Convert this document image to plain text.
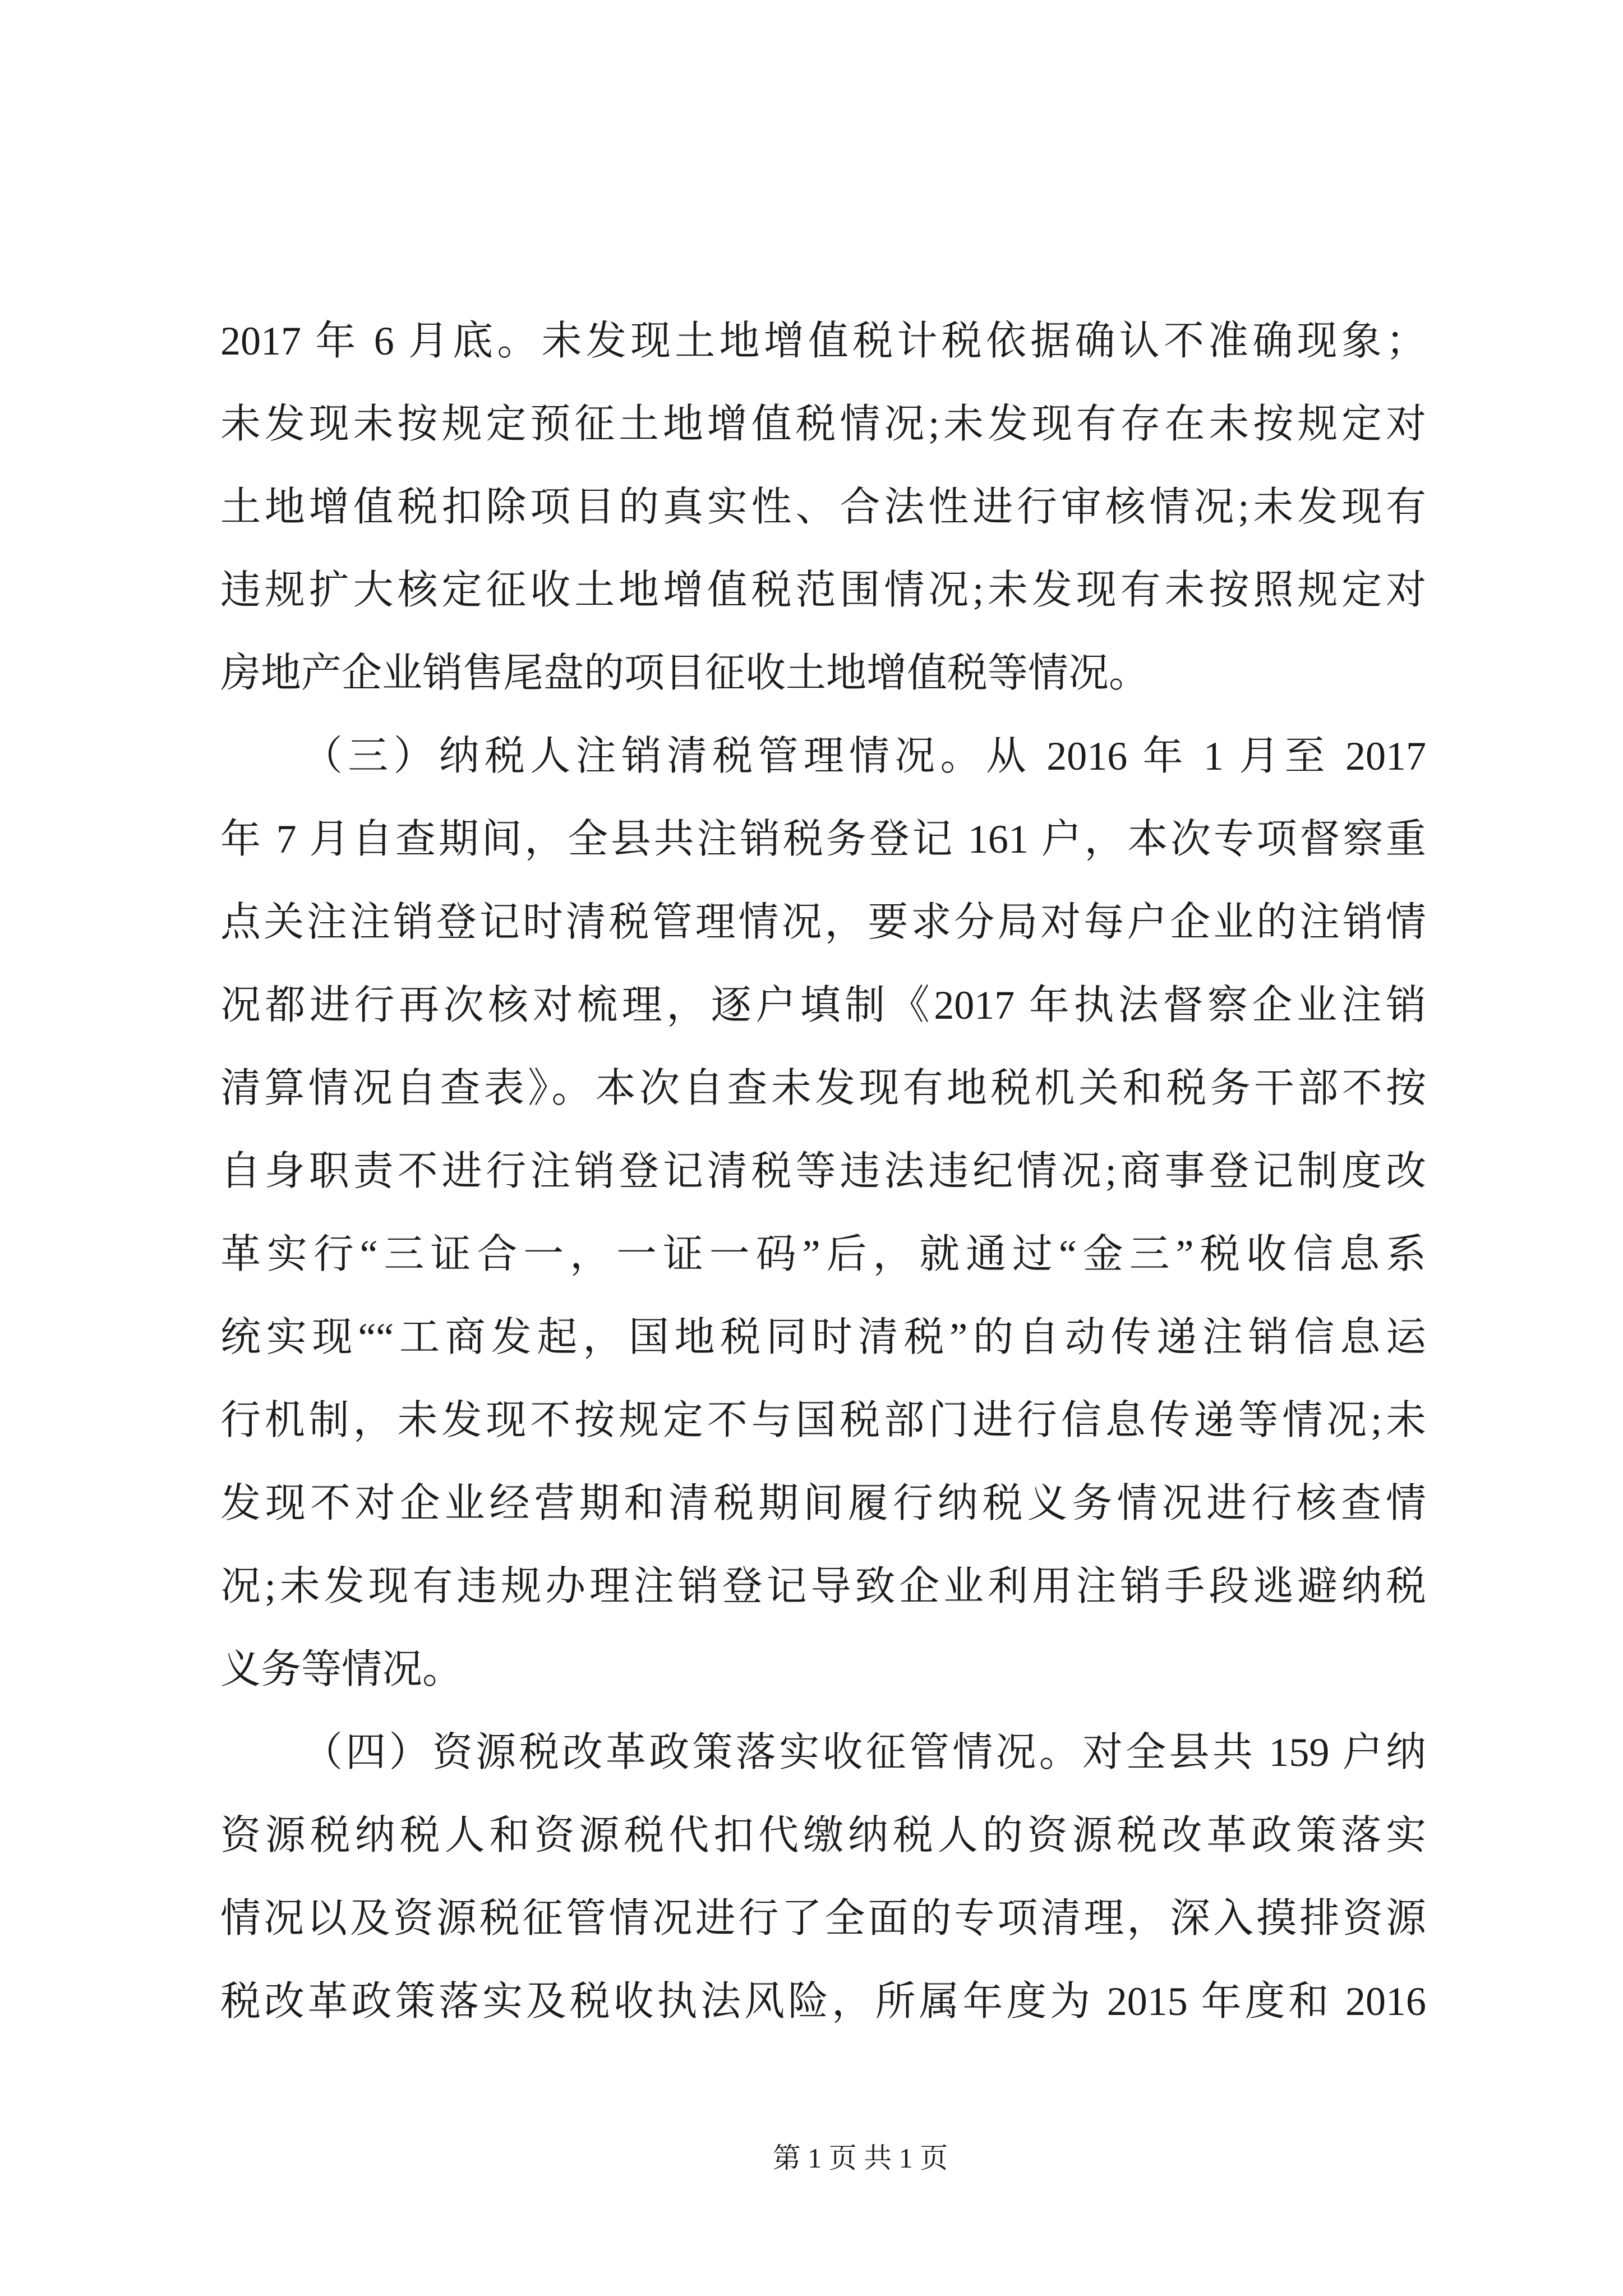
2017 年 6 月底。未发现土地增值税计税依据确认不准确现象；
未发现未按规定预征土地增值税情况;未发现有存在未按规定对
土地增值税扣除项目的真实性、合法性进行审核情况;未发现有
违规扩大核定征收土地增值税范围情况;未发现有未按照规定对
房地产企业销售尾盘的项目征收土地增值税等情况。
（三）纳税人注销清税管理情况。从 2016 年 1 月至 2017
年 7 月自查期间，全县共注销税务登记 161 户，本次专项督察重
点关注注销登记时清税管理情况，要求分局对每户企业的注销情
况都进行再次核对梳理，逐户填制《2017 年执法督察企业注销
清算情况自查表》。本次自查未发现有地税机关和税务干部不按
自身职责不进行注销登记清税等违法违纪情况;商事登记制度改
革实行“三证合一，一证一码”后，就通过“金三”税收信息系
统实现““工商发起，国地税同时清税”的自动传递注销信息运
行机制，未发现不按规定不与国税部门进行信息传递等情况;未
发现不对企业经营期和清税期间履行纳税义务情况进行核查情
况;未发现有违规办理注销登记导致企业利用注销手段逃避纳税
义务等情况。
（四）资源税改革政策落实收征管情况。对全县共 159 户纳
资源税纳税人和资源税代扣代缴纳税人的资源税改革政策落实
情况以及资源税征管情况进行了全面的专项清理，深入摸排资源
税改革政策落实及税收执法风险，所属年度为 2015 年度和 2016
第 1 页 共 1 页
